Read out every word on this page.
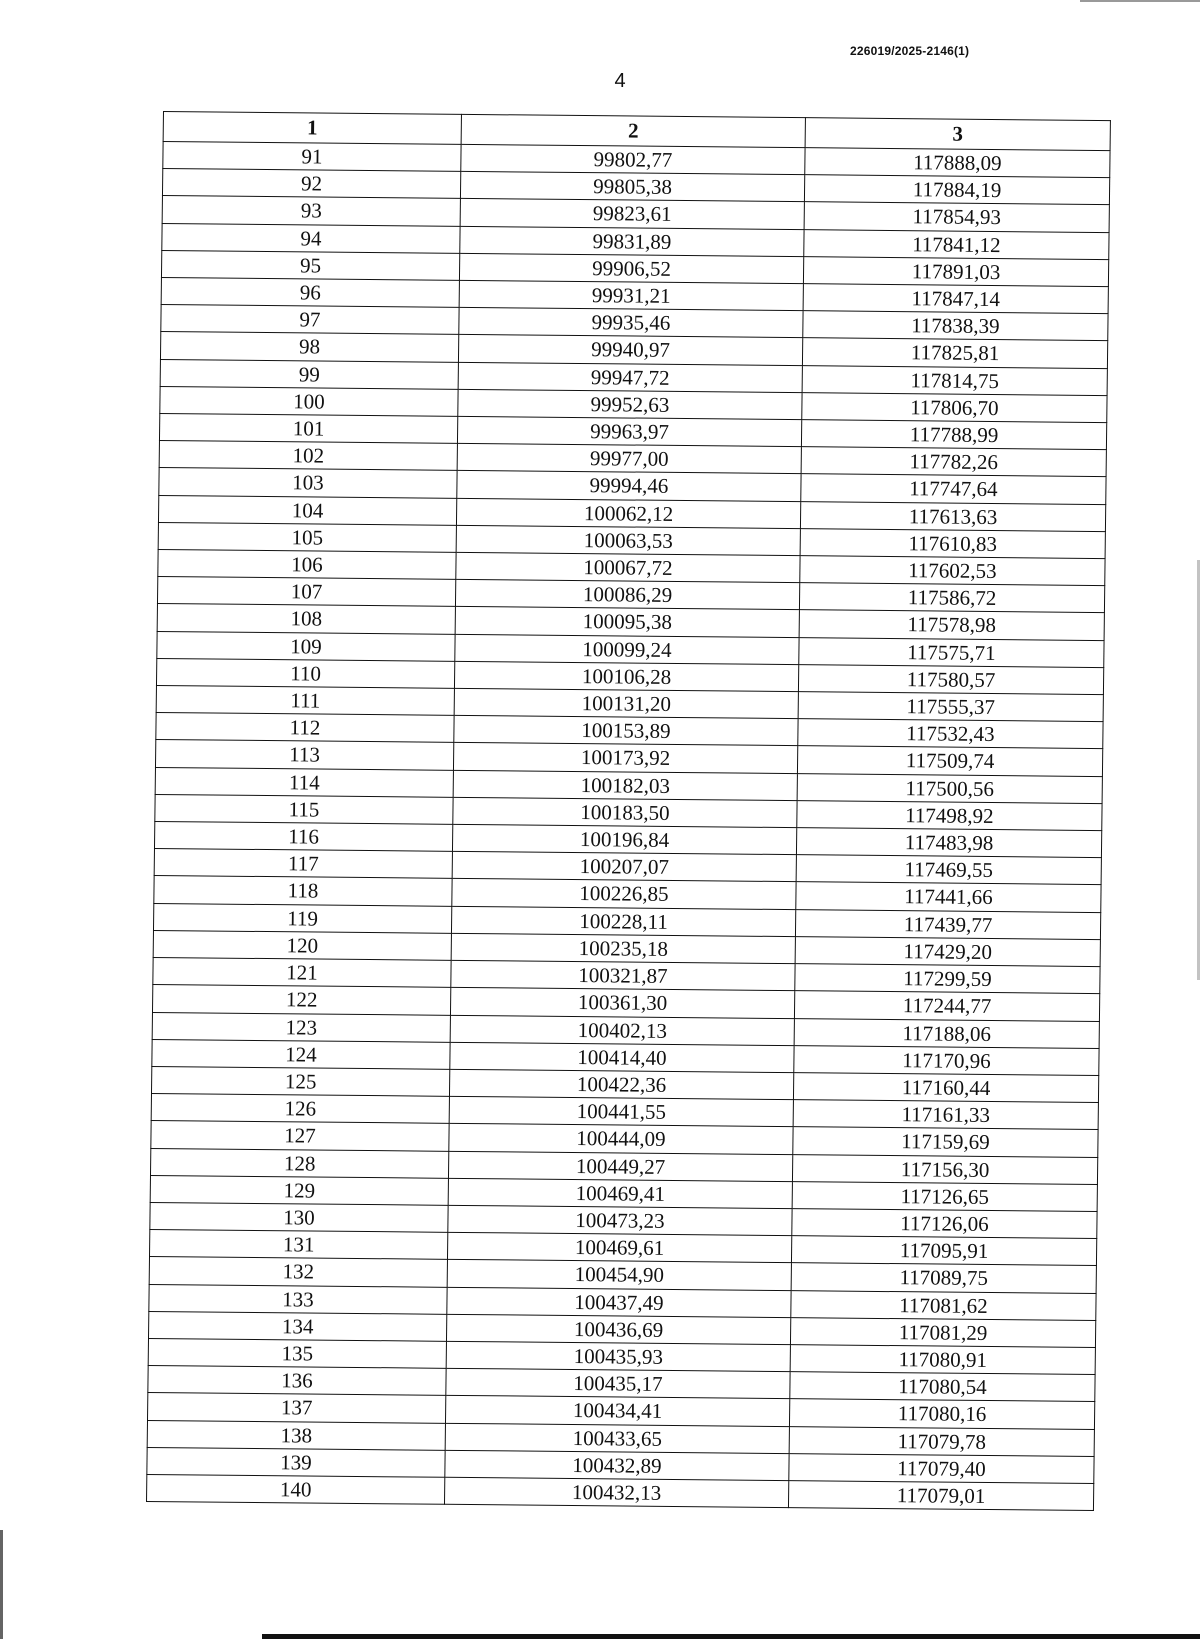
226019/2025-2146(1)
4
1	2	3
91	99802,77	117888,09
92	99805,38	117884,19
93	99823,61	117854,93
94	99831,89	117841,12
95	99906,52	117891,03
96	99931,21	117847,14
97	99935,46	117838,39
98	99940,97	117825,81
99	99947,72	117814,75
100	99952,63	117806,70
101	99963,97	117788,99
102	99977,00	117782,26
103	99994,46	117747,64
104	100062,12	117613,63
105	100063,53	117610,83
106	100067,72	117602,53
107	100086,29	117586,72
108	100095,38	117578,98
109	100099,24	117575,71
110	100106,28	117580,57
111	100131,20	117555,37
112	100153,89	117532,43
113	100173,92	117509,74
114	100182,03	117500,56
115	100183,50	117498,92
116	100196,84	117483,98
117	100207,07	117469,55
118	100226,85	117441,66
119	100228,11	117439,77
120	100235,18	117429,20
121	100321,87	117299,59
122	100361,30	117244,77
123	100402,13	117188,06
124	100414,40	117170,96
125	100422,36	117160,44
126	100441,55	117161,33
127	100444,09	117159,69
128	100449,27	117156,30
129	100469,41	117126,65
130	100473,23	117126,06
131	100469,61	117095,91
132	100454,90	117089,75
133	100437,49	117081,62
134	100436,69	117081,29
135	100435,93	117080,91
136	100435,17	117080,54
137	100434,41	117080,16
138	100433,65	117079,78
139	100432,89	117079,40
140	100432,13	117079,01
